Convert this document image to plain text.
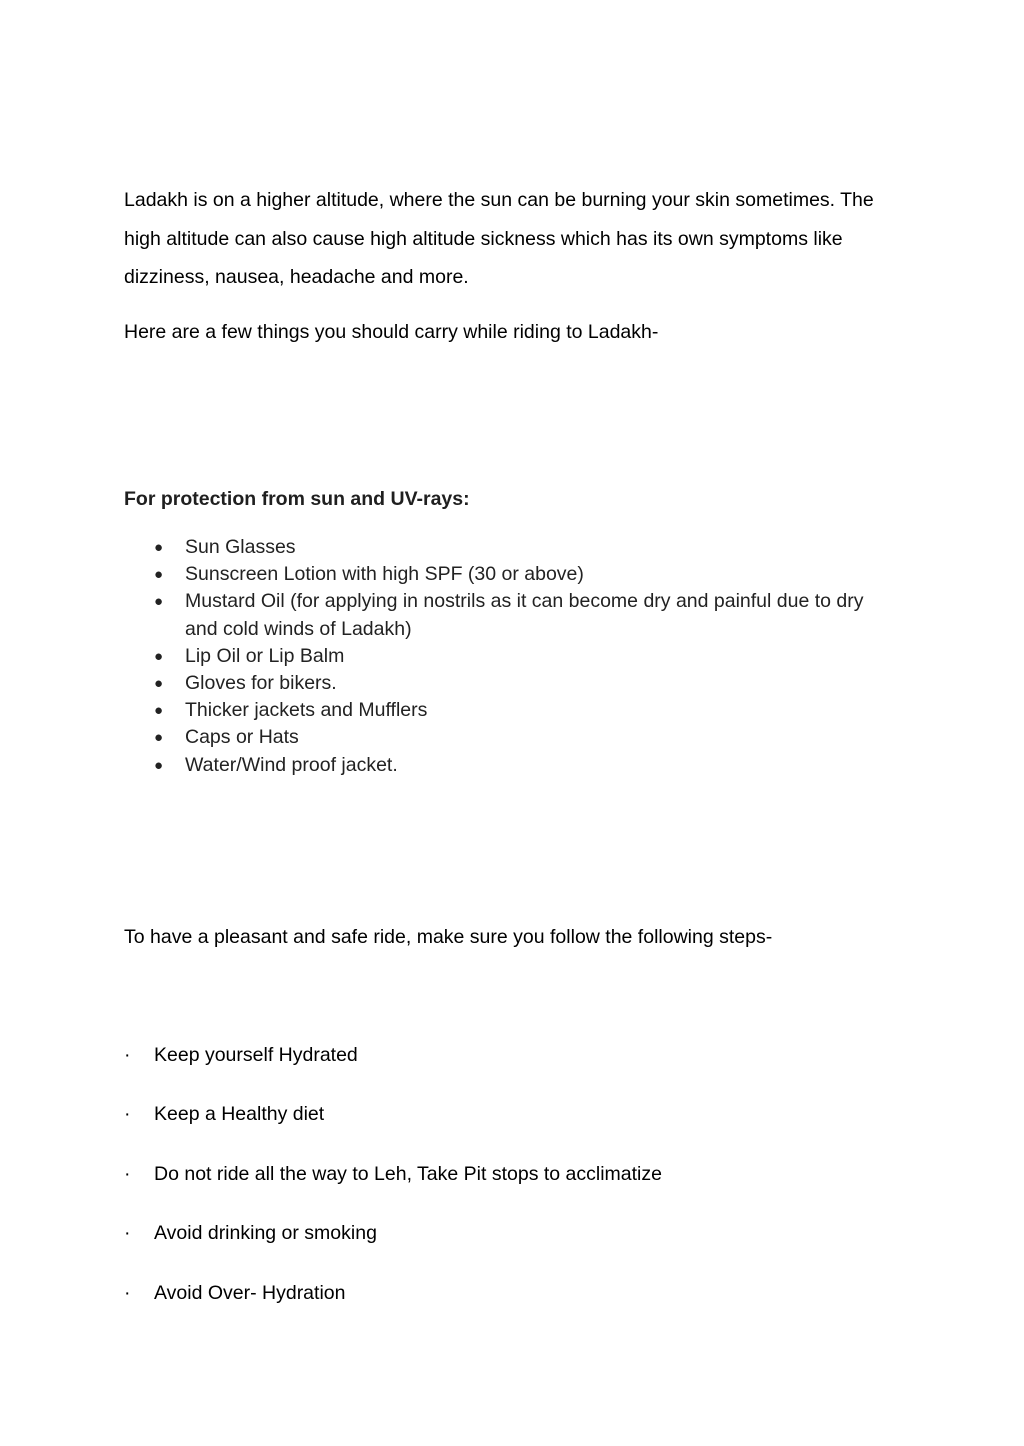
Ladakh is on a higher altitude, where the sun can be burning your skin sometimes. The high altitude can also cause high altitude sickness which has its own symptoms like dizziness, nausea, headache and more.

Here are a few things you should carry while riding to Ladakh-

For protection from sun and UV-rays:

●	Sun Glasses
●	Sunscreen Lotion with high SPF (30 or above)
●	Mustard Oil (for applying in nostrils as it can become dry and painful due to dry and cold winds of Ladakh)
●	Lip Oil or Lip Balm
●	Gloves for bikers.
●	Thicker jackets and Mufflers
●	Caps or Hats
●	Water/Wind proof jacket.

To have a pleasant and safe ride, make sure you follow the following steps-

·	Keep yourself Hydrated
·	Keep a Healthy diet
·	Do not ride all the way to Leh, Take Pit stops to acclimatize
·	Avoid drinking or smoking
·	Avoid Over- Hydration
